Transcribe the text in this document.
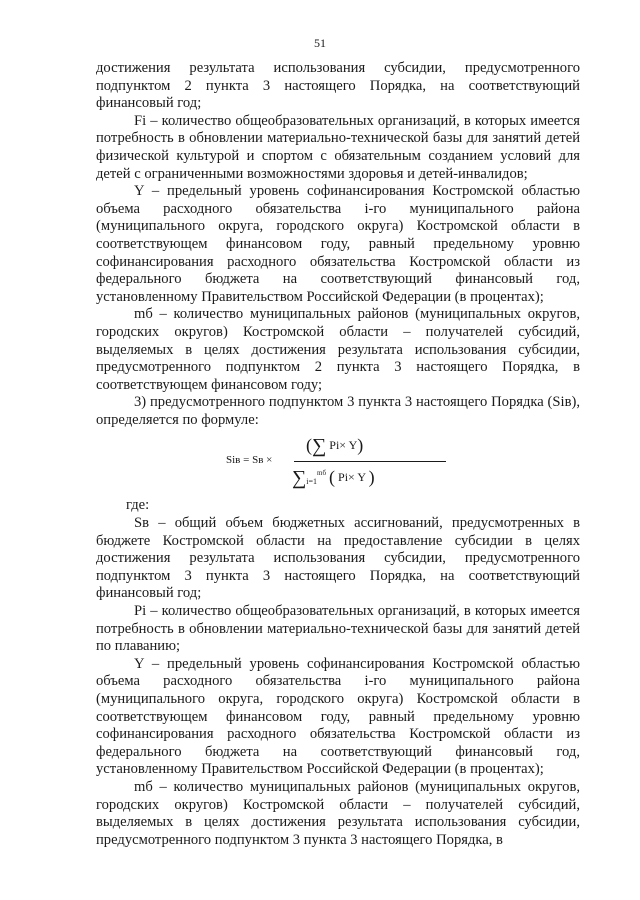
51

достижения результата использования субсидии, предусмотренного подпунктом 2 пункта 3 настоящего Порядка, на соответствующий финансовый год;

Fi – количество общеобразовательных организаций, в которых имеется потребность в обновлении материально-технической базы для занятий детей физической культурой и спортом с обязательным созданием условий для детей с ограниченными возможностями здоровья и детей-инвалидов;

Y – предельный уровень софинансирования Костромской областью объема расходного обязательства i-го муниципального района (муниципального округа, городского округа) Костромской области в соответствующем финансовом году, равный предельному уровню софинансирования расходного обязательства Костромской области из федерального бюджета на соответствующий финансовый год, установленному Правительством Российской Федерации (в процентах);

mб – количество муниципальных районов (муниципальных округов, городских округов) Костромской области – получателей субсидий, выделяемых в целях достижения результата использования субсидии, предусмотренного подпунктом 2 пункта 3 настоящего Порядка, в соответствующем финансовом году;

3) предусмотренного подпунктом 3 пункта 3 настоящего Порядка (Siв), определяется по формуле:

Siв = Sв ×
(∑ Pi× Y)
$\sum_{i=1}^{mб}$ ( Pi× Y )

где:

Sв – общий объем бюджетных ассигнований, предусмотренных в бюджете Костромской области на предоставление субсидии в целях достижения результата использования субсидии, предусмотренного подпунктом 3 пункта 3 настоящего Порядка, на соответствующий финансовый год;

Pi – количество общеобразовательных организаций, в которых имеется потребность в обновлении материально-технической базы для занятий детей по плаванию;

Y – предельный уровень софинансирования Костромской областью объема расходного обязательства i-го муниципального района (муниципального округа, городского округа) Костромской области в соответствующем финансовом году, равный предельному уровню софинансирования расходного обязательства Костромской области из федерального бюджета на соответствующий финансовый год, установленному Правительством Российской Федерации (в процентах);

mб – количество муниципальных районов (муниципальных округов, городских округов) Костромской области – получателей субсидий, выделяемых в целях достижения результата использования субсидии, предусмотренного подпунктом 3 пункта 3 настоящего Порядка, в
